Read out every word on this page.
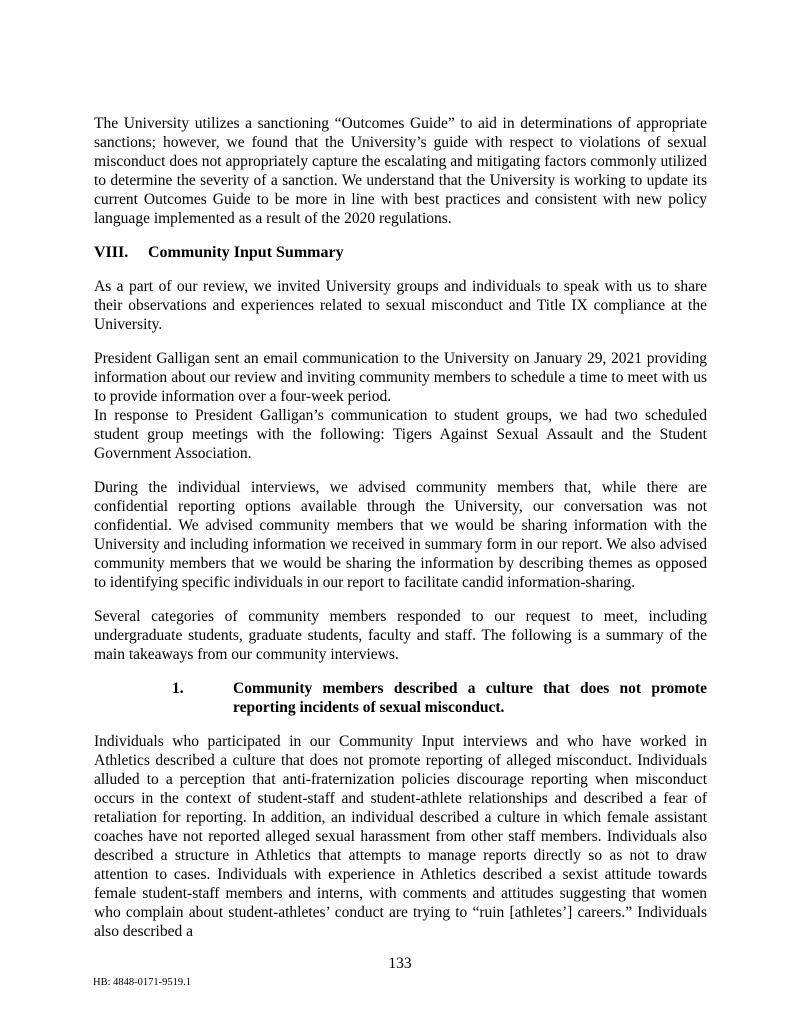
The University utilizes a sanctioning “Outcomes Guide” to aid in determinations of appropriate sanctions; however, we found that the University’s guide with respect to violations of sexual misconduct does not appropriately capture the escalating and mitigating factors commonly utilized to determine the severity of a sanction. We understand that the University is working to update its current Outcomes Guide to be more in line with best practices and consistent with new policy language implemented as a result of the 2020 regulations.

VIII.	Community Input Summary

As a part of our review, we invited University groups and individuals to speak with us to share their observations and experiences related to sexual misconduct and Title IX compliance at the University.

President Galligan sent an email communication to the University on January 29, 2021 providing information about our review and inviting community members to schedule a time to meet with us to provide information over a four-week period.

In response to President Galligan’s communication to student groups, we had two scheduled student group meetings with the following: Tigers Against Sexual Assault and the Student Government Association.

During the individual interviews, we advised community members that, while there are confidential reporting options available through the University, our conversation was not confidential. We advised community members that we would be sharing information with the University and including information we received in summary form in our report. We also advised community members that we would be sharing the information by describing themes as opposed to identifying specific individuals in our report to facilitate candid information-sharing.

Several categories of community members responded to our request to meet, including undergraduate students, graduate students, faculty and staff. The following is a summary of the main takeaways from our community interviews.

1.	Community members described a culture that does not promote reporting incidents of sexual misconduct.

Individuals who participated in our Community Input interviews and who have worked in Athletics described a culture that does not promote reporting of alleged misconduct. Individuals alluded to a perception that anti-fraternization policies discourage reporting when misconduct occurs in the context of student-staff and student-athlete relationships and described a fear of retaliation for reporting. In addition, an individual described a culture in which female assistant coaches have not reported alleged sexual harassment from other staff members. Individuals also described a structure in Athletics that attempts to manage reports directly so as not to draw attention to cases. Individuals with experience in Athletics described a sexist attitude towards female student-staff members and interns, with comments and attitudes suggesting that women who complain about student-athletes’ conduct are trying to “ruin [athletes’] careers.” Individuals also described a

133
HB: 4848-0171-9519.1
